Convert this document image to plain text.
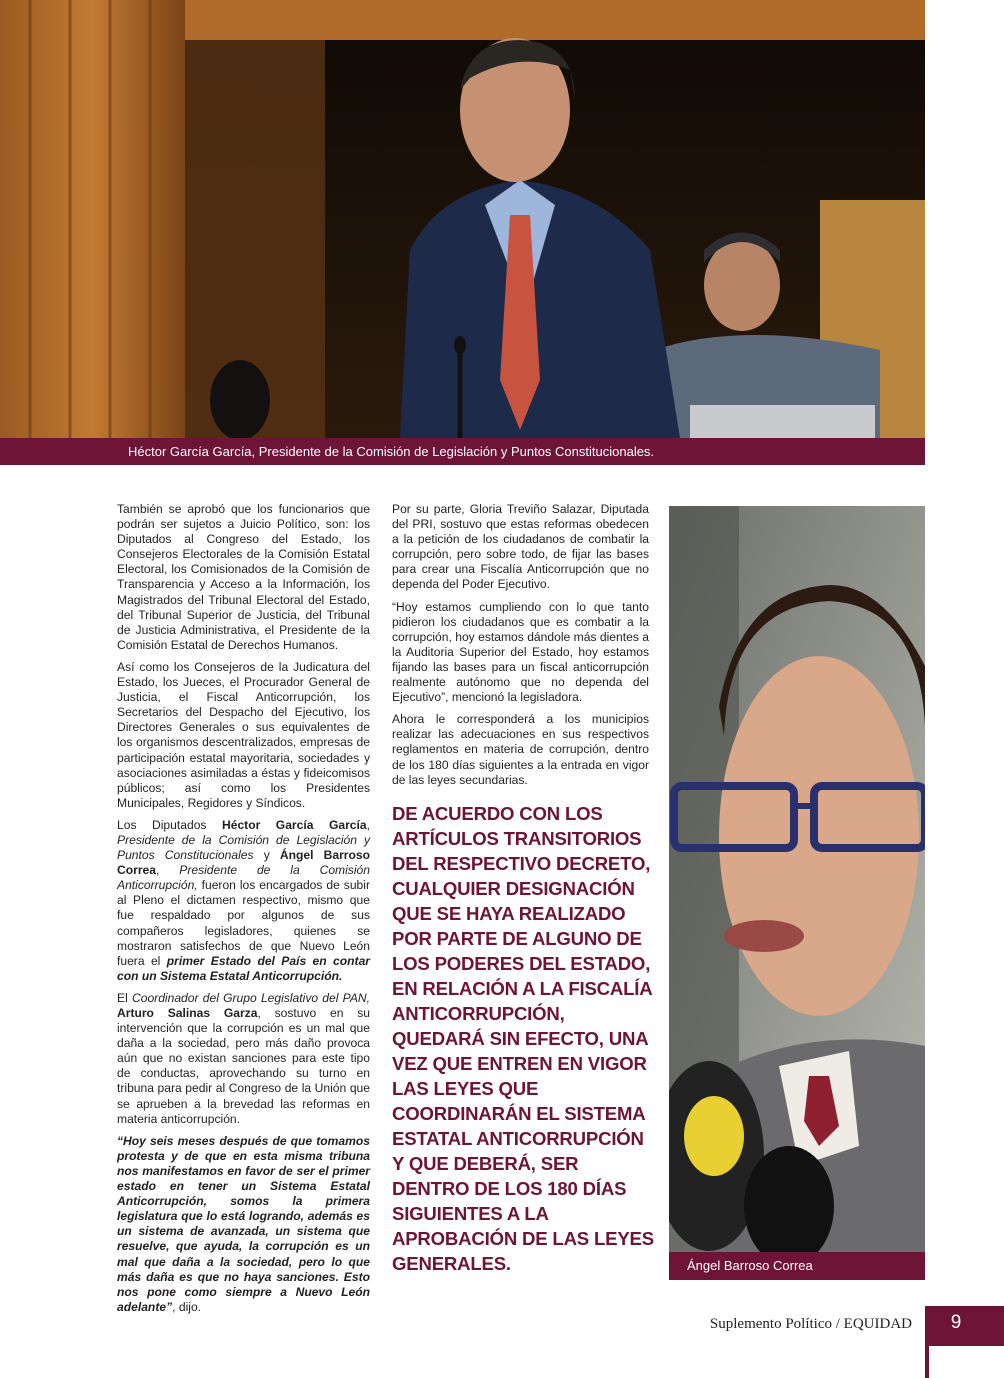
Héctor García García, Presidente de la Comisión de Legislación y Puntos Constitucionales.

También se aprobó que los funcionarios que podrán ser sujetos a Juicio Político, son: los Diputados al Congreso del Estado, los Consejeros Electorales de la Comisión Estatal Electoral, los Comisionados de la Comisión de Transparencia y Acceso a la Información, los Magistrados del Tribunal Electoral del Estado, del Tribunal Superior de Justicia, del Tribunal de Justicia Administrativa, el Presidente de la Comisión Estatal de Derechos Humanos.

Así como los Consejeros de la Judicatura del Estado, los Jueces, el Procurador General de Justicia, el Fiscal Anticorrupción, los Secretarios del Despacho del Ejecutivo, los Directores Generales o sus equivalentes de los organismos descentralizados, empresas de participación estatal mayoritaria, sociedades y asociaciones asimiladas a éstas y fideicomisos públicos; así como los Presidentes Municipales, Regidores y Síndicos.

Los Diputados Héctor García García, Presidente de la Comisión de Legislación y Puntos Constitucionales y Ángel Barroso Correa, Presidente de la Comisión Anticorrupción, fueron los encargados de subir al Pleno el dictamen respectivo, mismo que fue respaldado por algunos de sus compañeros legisladores, quienes se mostraron satisfechos de que Nuevo León fuera el primer Estado del País en contar con un Sistema Estatal Anticorrupción.

El Coordinador del Grupo Legislativo del PAN, Arturo Salinas Garza, sostuvo en su intervención que la corrupción es un mal que daña a la sociedad, pero más daño provoca aún que no existan sanciones para este tipo de conductas, aprovechando su turno en tribuna para pedir al Congreso de la Unión que se aprueben a la brevedad las reformas en materia anticorrupción.

“Hoy seis meses después de que tomamos protesta y de que en esta misma tribuna nos manifestamos en favor de ser el primer estado en tener un Sistema Estatal Anticorrupción, somos la primera legislatura que lo está logrando, además es un sistema de avanzada, un sistema que resuelve, que ayuda, la corrupción es un mal que daña a la sociedad, pero lo que más daña es que no haya sanciones. Esto nos pone como siempre a Nuevo León adelante”, dijo.

Por su parte, Gloria Treviño Salazar, Diputada del PRI, sostuvo que estas reformas obedecen a la petición de los ciudadanos de combatir la corrupción, pero sobre todo, de fijar las bases para crear una Fiscalía Anticorrupción que no dependa del Poder Ejecutivo.

“Hoy estamos cumpliendo con lo que tanto pidieron los ciudadanos que es combatir a la corrupción, hoy estamos dándole más dientes a la Auditoria Superior del Estado, hoy estamos fijando las bases para un fiscal anticorrupción realmente autónomo que no dependa del Ejecutivo”, mencionó la legisladora.

Ahora le corresponderá a los municipios realizar las adecuaciones en sus respectivos reglamentos en materia de corrupción, dentro de los 180 días siguientes a la entrada en vigor de las leyes secundarias.

DE ACUERDO CON LOS ARTÍCULOS TRANSITORIOS DEL RESPECTIVO DECRETO, CUALQUIER DESIGNACIÓN QUE SE HAYA REALIZADO POR PARTE DE ALGUNO DE LOS PODERES DEL ESTADO, EN RELACIÓN A LA FISCALÍA ANTICORRUPCIÓN, QUEDARÁ SIN EFECTO, UNA VEZ QUE ENTREN EN VIGOR LAS LEYES QUE COORDINARÁN EL SISTEMA ESTATAL ANTICORRUPCIÓN Y QUE DEBERÁ, SER DENTRO DE LOS 180 DÍAS SIGUIENTES A LA APROBACIÓN DE LAS LEYES GENERALES.	Ángel Barroso Correa
Suplemento Político / EQUIDAD	9
